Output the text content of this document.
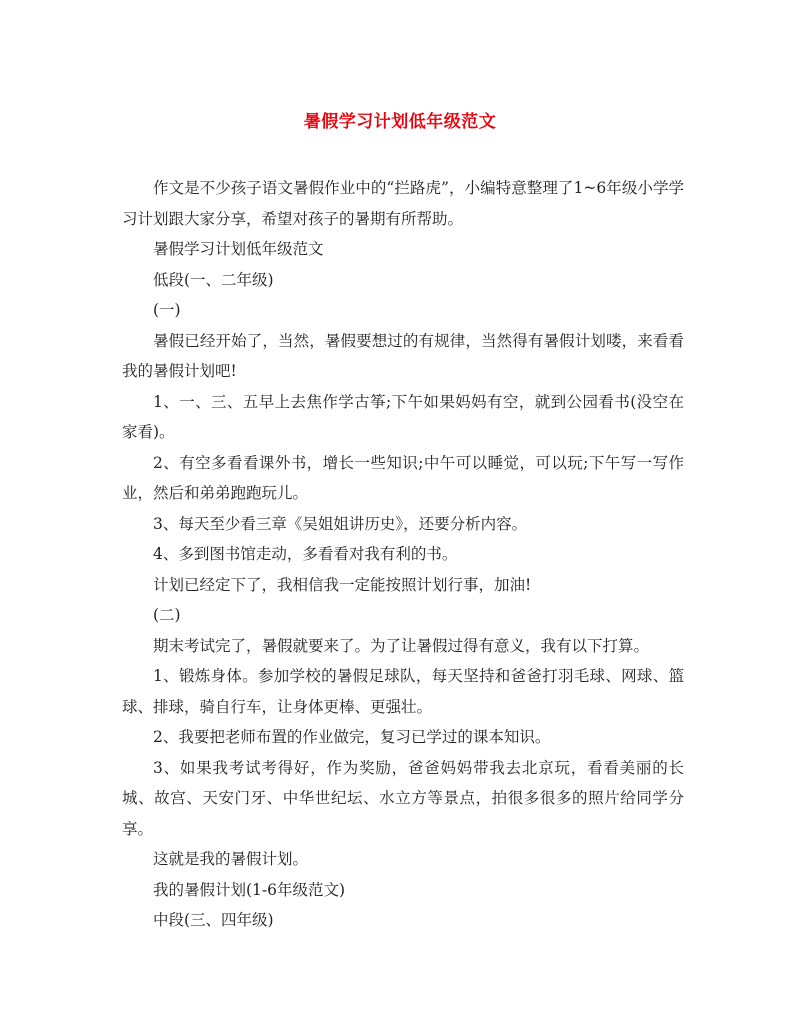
暑假学习计划低年级范文

作文是不少孩子语文暑假作业中的“拦路虎”，小编特意整理了1~6年级小学学习计划跟大家分享，希望对孩子的暑期有所帮助。

暑假学习计划低年级范文

低段(一、二年级)

(一)

暑假已经开始了，当然，暑假要想过的有规律，当然得有暑假计划喽，来看看我的暑假计划吧!

1、一、三、五早上去焦作学古筝;下午如果妈妈有空，就到公园看书(没空在家看)。

2、有空多看看课外书，增长一些知识;中午可以睡觉，可以玩;下午写一写作业，然后和弟弟跑跑玩儿。

3、每天至少看三章《吴姐姐讲历史》，还要分析内容。

4、多到图书馆走动，多看看对我有利的书。

计划已经定下了，我相信我一定能按照计划行事，加油!

(二)

期末考试完了，暑假就要来了。为了让暑假过得有意义，我有以下打算。

1、锻炼身体。参加学校的暑假足球队，每天坚持和爸爸打羽毛球、网球、篮球、排球，骑自行车，让身体更棒、更强壮。

2、我要把老师布置的作业做完，复习已学过的课本知识。

3、如果我考试考得好，作为奖励，爸爸妈妈带我去北京玩，看看美丽的长城、故宫、天安门牙、中华世纪坛、水立方等景点，拍很多很多的照片给同学分享。

这就是我的暑假计划。

我的暑假计划(1-6年级范文)

中段(三、四年级)
